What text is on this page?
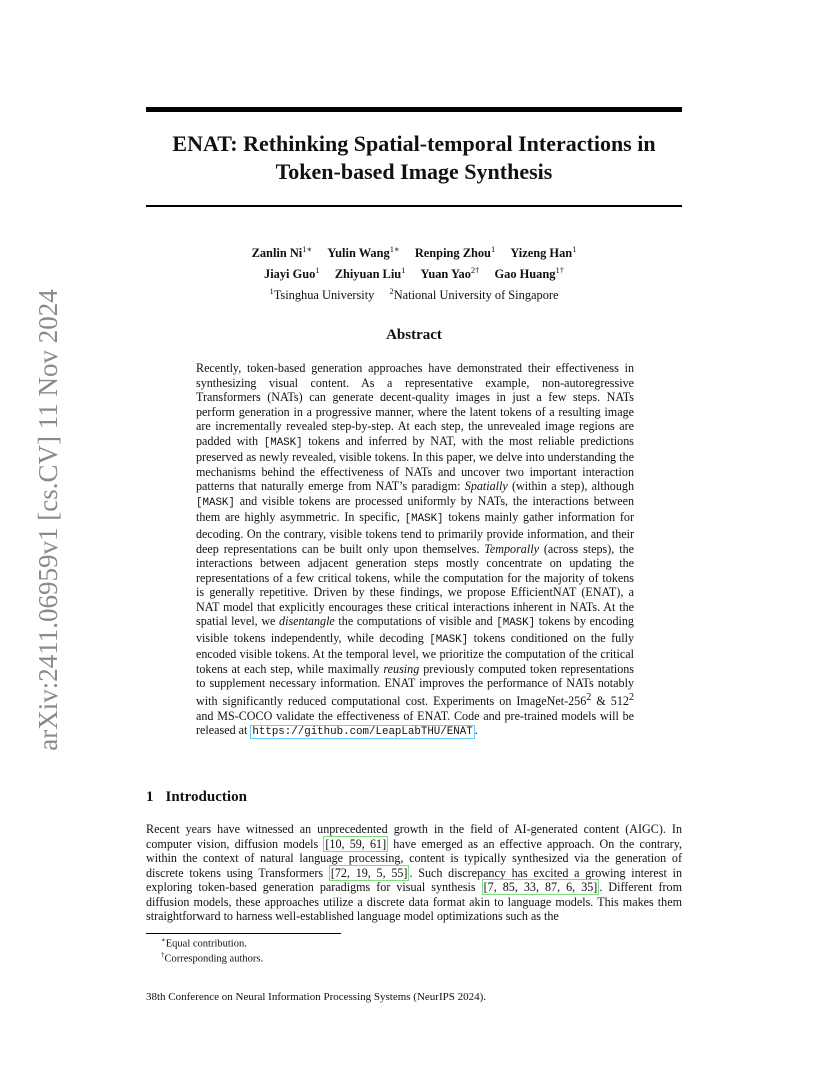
arXiv:2411.06959v1 [cs.CV] 11 Nov 2024
ENAT: Rethinking Spatial-temporal Interactions in
Token-based Image Synthesis
Zanlin $Ni^{1∗}$ Yulin Wang$^{1∗}$ Renping Zhou$^1$ Yizeng Han$^1$
Jiayi Guo$^1$ Zhiyuan Liu$^1$ Yuan Yao$^{2\dagger}$ Gao Huang$^{1\dagger}$
$^1$Tsinghua University $^2$National University of Singapore
Abstract
Recently, token-based generation approaches have demonstrated their effectiveness in synthesizing visual content. As a representative example, non-autoregressive Transformers (NATs) can generate decent-quality images in just a few steps. NATs perform generation in a progressive manner, where the latent tokens of a resulting image are incrementally revealed step-by-step. At each step, the unrevealed image regions are padded with [MASK] tokens and inferred by NAT, with the most reliable predictions preserved as newly revealed, visible tokens. In this paper, we delve into understanding the mechanisms behind the effectiveness of NATs and uncover two important interaction patterns that naturally emerge from NAT’s paradigm: Spatially (within a step), although [MASK] and visible tokens are processed uniformly by NATs, the interactions between them are highly asymmetric. In specific, [MASK] tokens mainly gather information for decoding. On the contrary, visible tokens tend to primarily provide information, and their deep representations can be built only upon themselves. Temporally (across steps), the interactions between adjacent generation steps mostly concentrate on updating the representations of a few critical tokens, while the computation for the majority of tokens is generally repetitive. Driven by these findings, we propose EfficientNAT (ENAT), a NAT model that explicitly encourages these critical interactions inherent in NATs. At the spatial level, we disentangle the computations of visible and [MASK] tokens by encoding visible tokens independently, while decoding [MASK] tokens conditioned on the fully encoded visible tokens. At the temporal level, we prioritize the computation of the critical tokens at each step, while maximally reusing previously computed token representations to supplement necessary information. ENAT improves the performance of NATs notably with significantly reduced computational cost. Experiments on ImageNet-$256^2$ & $512^2$ and MS-COCO validate the effectiveness of ENAT. Code and pre-trained models will be released at https://github.com/LeapLabTHU/ENAT .
1 Introduction
Recent years have witnessed an unprecedented growth in the field of AI-generated content (AIGC). In computer vision, diffusion models [10, 59, 61] have emerged as an effective approach. On the contrary, within the context of natural language processing, content is typically synthesized via the generation of discrete tokens using Transformers [72, 19, 5, 55] . Such discrepancy has excited a growing interest in exploring token-based generation paradigms for visual synthesis [7, 85, 33, 87, 6, 35] . Different from diffusion models, these approaches utilize a discrete data format akin to language models. This makes them straightforward to harness well-established language model optimizations such as the
∗Equal contribution.
†Corresponding authors.
38th Conference on Neural Information Processing Systems (NeurIPS 2024).
